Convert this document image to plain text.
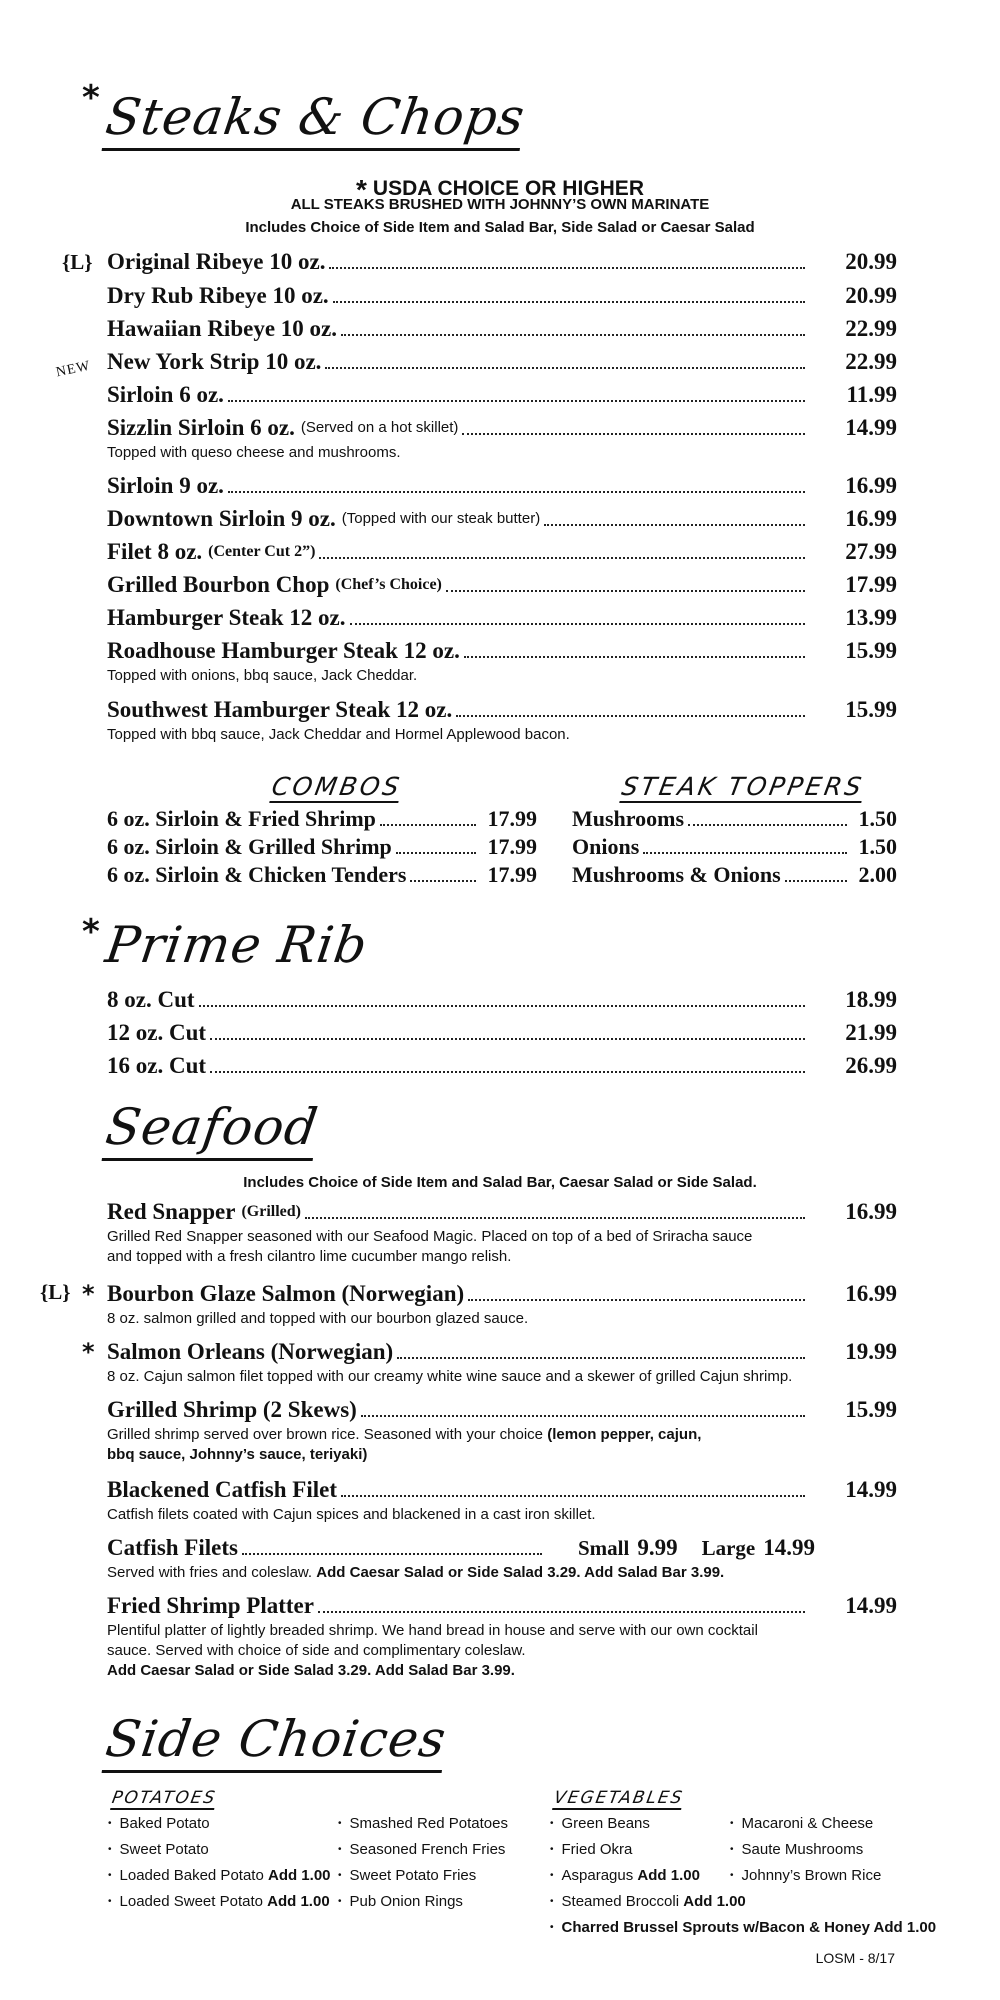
* Steaks & Chops
* USDA CHOICE OR HIGHER
ALL STEAKS BRUSHED WITH JOHNNY’S OWN MARINATE
Includes Choice of Side Item and Salad Bar, Side Salad or Caesar Salad
{L}
NEW
Original Ribeye 10 oz.	20.99
Dry Rub Ribeye 10 oz.	20.99
Hawaiian Ribeye 10 oz.	22.99
New York Strip 10 oz.	22.99
Sirloin 6 oz.	11.99
Sizzlin Sirloin 6 oz. (Served on a hot skillet)	14.99
Topped with queso cheese and mushrooms.
Sirloin 9 oz.	16.99
Downtown Sirloin 9 oz. (Topped with our steak butter)	16.99
Filet 8 oz. (Center Cut 2”)	27.99
Grilled Bourbon Chop (Chef’s Choice)	17.99
Hamburger Steak 12 oz.	13.99
Roadhouse Hamburger Steak 12 oz.	15.99
Topped with onions, bbq sauce, Jack Cheddar.
Southwest Hamburger Steak 12 oz.	15.99
Topped with bbq sauce, Jack Cheddar and Hormel Applewood bacon.
COMBOS
6 oz. Sirloin & Fried Shrimp	17.99
6 oz. Sirloin & Grilled Shrimp	17.99
6 oz. Sirloin & Chicken Tenders	17.99
STEAK TOPPERS
Mushrooms	1.50
Onions	1.50
Mushrooms & Onions	2.00
* Prime Rib
8 oz. Cut	18.99
12 oz. Cut	21.99
16 oz. Cut	26.99
Seafood
Includes Choice of Side Item and Salad Bar, Caesar Salad or Side Salad.
Red Snapper (Grilled)	16.99
Grilled Red Snapper seasoned with our Seafood Magic. Placed on top of a bed of Sriracha sauce
and topped with a fresh cilantro lime cucumber mango relish.
{L} * Bourbon Glaze Salmon (Norwegian)	16.99
8 oz. salmon grilled and topped with our bourbon glazed sauce.
* Salmon Orleans (Norwegian)	19.99
8 oz. Cajun salmon filet topped with our creamy white wine sauce and a skewer of grilled Cajun shrimp.
Grilled Shrimp (2 Skews)	15.99
Grilled shrimp served over brown rice. Seasoned with your choice (lemon pepper, cajun,
bbq sauce, Johnny’s sauce, teriyaki)
Blackened Catfish Filet	14.99
Catfish filets coated with Cajun spices and blackened in a cast iron skillet.
Catfish Filets	Small 9.99 Large 14.99
Served with fries and coleslaw. Add Caesar Salad or Side Salad 3.29. Add Salad Bar 3.99.
Fried Shrimp Platter	14.99
Plentiful platter of lightly breaded shrimp. We hand bread in house and serve with our own cocktail
sauce. Served with choice of side and complimentary coleslaw.
Add Caesar Salad or Side Salad 3.29. Add Salad Bar 3.99.
Side Choices
POTATOES
• Baked Potato
• Sweet Potato
• Loaded Baked Potato Add 1.00
• Loaded Sweet Potato Add 1.00
• Smashed Red Potatoes
• Seasoned French Fries
• Sweet Potato Fries
• Pub Onion Rings
VEGETABLES
• Green Beans
• Fried Okra
• Asparagus Add 1.00
• Steamed Broccoli Add 1.00
• Charred Brussel Sprouts w/Bacon & Honey Add 1.00
• Macaroni & Cheese
• Saute Mushrooms
• Johnny’s Brown Rice
LOSM - 8/17
